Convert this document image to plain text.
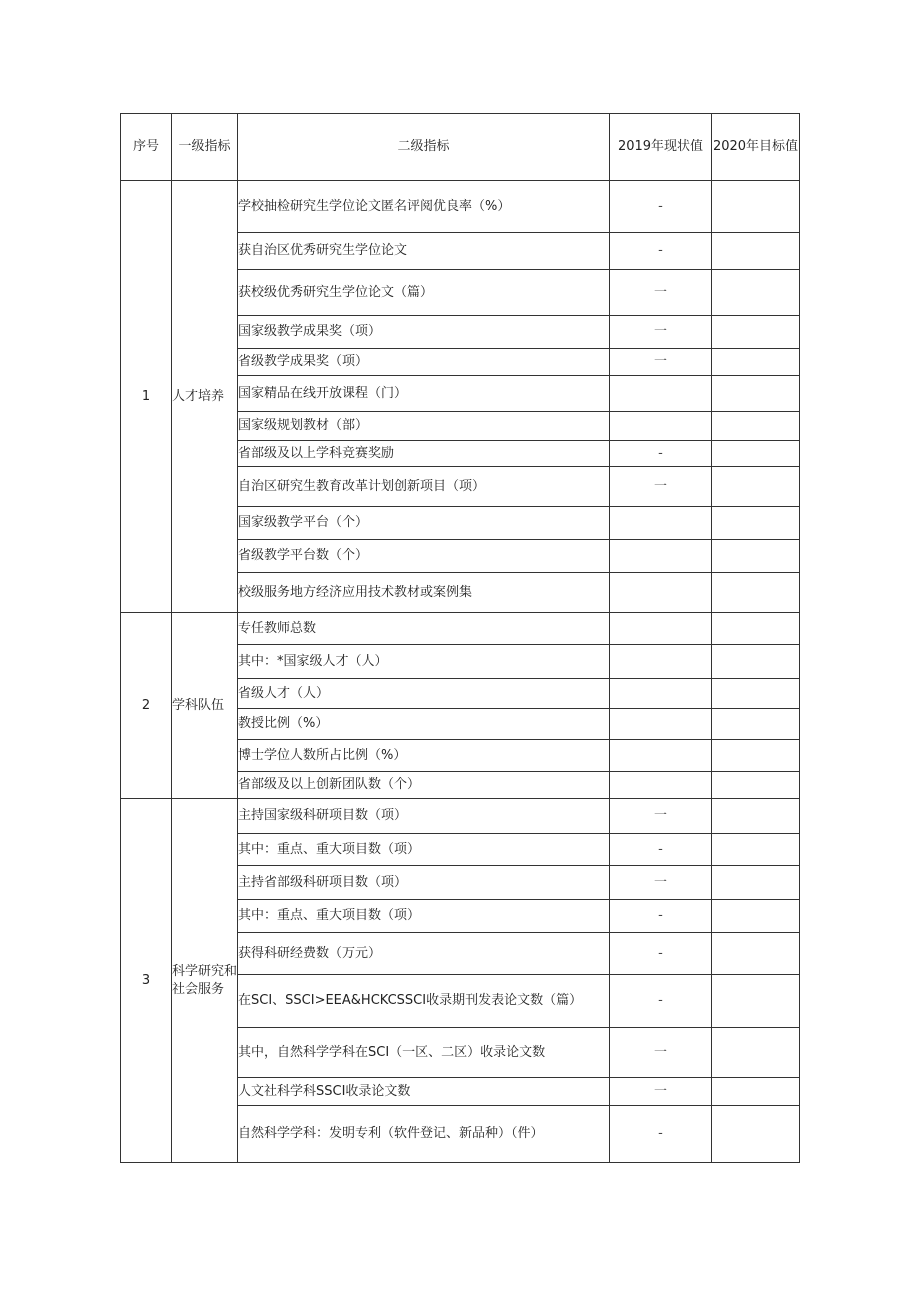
序号	一级指标	二级指标	2019年现状值	2020年目标值
1	人才培养	学校抽检研究生学位论文匿名评阅优良率（%）	-	
		获自治区优秀研究生学位论文	-	
		获校级优秀研究生学位论文（篇）	一	
		国家级教学成果奖（项）	一	
		省级教学成果奖（项）	一	
		国家精品在线开放课程（门）		
		国家级规划教材（部）		
		省部级及以上学科竞赛奖励	-	
		自治区研究生教育改革计划创新项目（项）	一	
		国家级教学平台（个）		
		省级教学平台数（个）		
		校级服务地方经济应用技术教材或案例集		
2	学科队伍	专任教师总数		
		其中：*国家级人才（人）		
		省级人才（人）		
		教授比例（%）		
		博士学位人数所占比例（%）		
		省部级及以上创新团队数（个）		
3	科学研究和社会服务	主持国家级科研项目数（项）	一	
		其中：重点、重大项目数（项）	-	
		主持省部级科研项目数（项）	一	
		其中：重点、重大项目数（项）	-	
		获得科研经费数（万元）	-	
		在SCI、SSCI>EEA&HCKCSSCI收录期刊发表论文数（篇）	-	
		其中，自然科学学科在SCI（一区、二区）收录论文数	一	
		人文社科学科SSCI收录论文数	一	
		自然科学学科：发明专利（软件登记、新品种）（件）	-	
